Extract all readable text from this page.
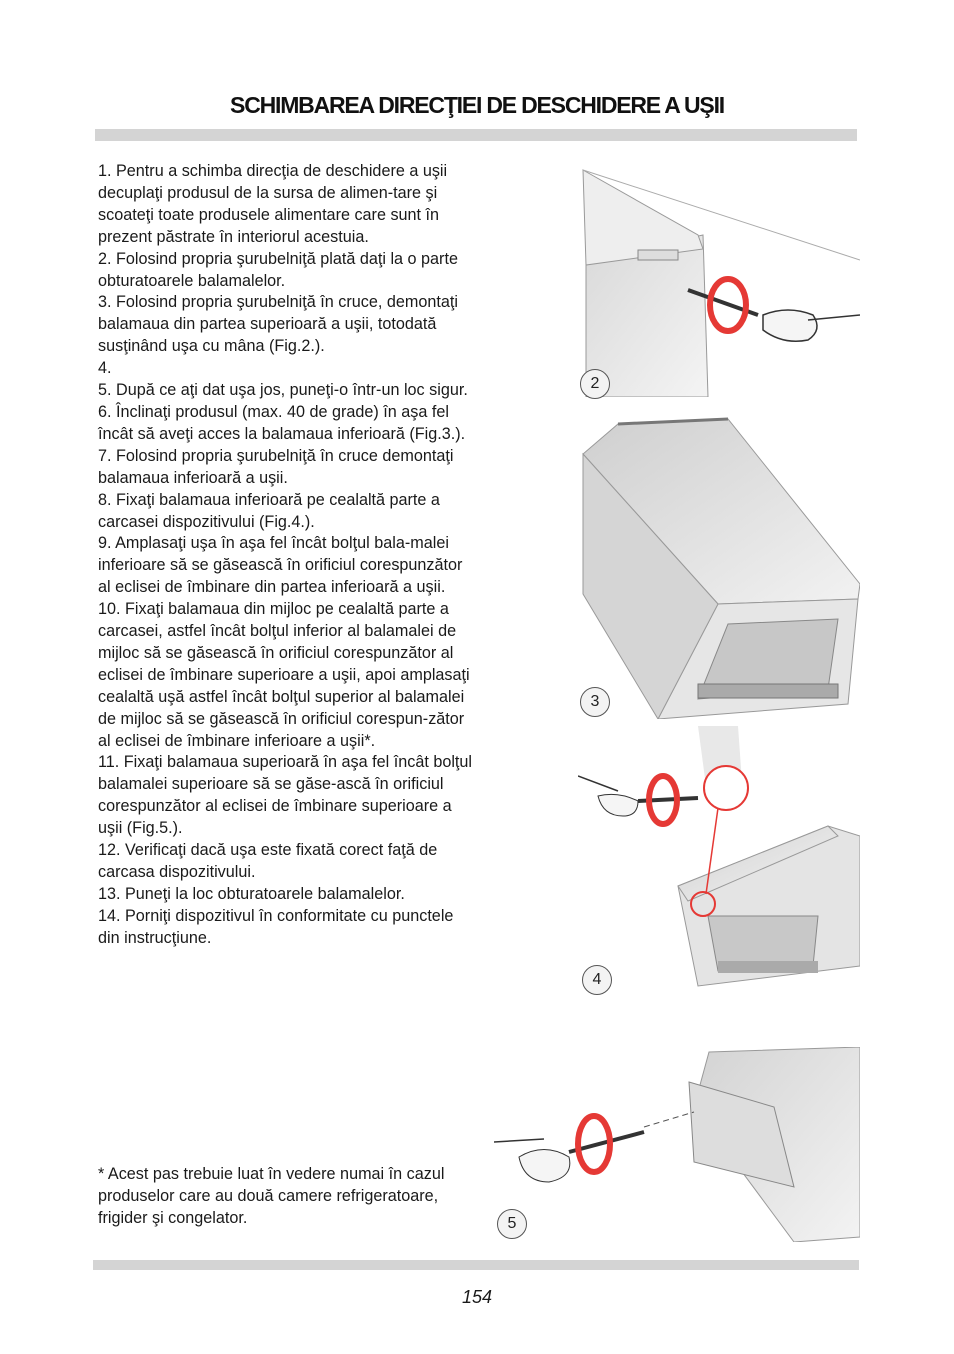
SCHIMBAREA DIRECŢIEI DE DESCHIDERE A UŞII

1. Pentru a schimba direcţia de deschidere a uşii decuplaţi produsul de la sursa de alimen-tare şi scoateţi toate produsele alimentare care sunt în prezent păstrate în interiorul acestuia.

2. Folosind propria şurubelniţă plată daţi la o parte obturatoarele balamalelor.

3. Folosind propria şurubelniţă în cruce, demontaţi balamaua din partea superioară a uşii, totodată susţinând uşa cu mâna (Fig.2.).

4.

5. După ce aţi dat uşa jos, puneţi-o într-un loc sigur.

6. Înclinaţi produsul (max. 40 de grade) în aşa fel încât să aveţi acces la balamaua inferioară (Fig.3.).

7. Folosind propria şurubelniţă în cruce demontaţi balamaua inferioară a uşii.

8. Fixaţi balamaua inferioară pe cealaltă parte a carcasei dispozitivului (Fig.4.).

9. Amplasaţi uşa în aşa fel încât bolţul bala-malei inferioare să se găsească în orificiul corespunzător al eclisei de îmbinare din partea inferioară a uşii.

10. Fixaţi balamaua din mijloc pe cealaltă parte a carcasei, astfel încât bolţul inferior al balamalei de mijloc să se găsească în orificiul corespunzător al eclisei de îmbinare superioare a uşii, apoi amplasaţi cealaltă uşă astfel încât bolţul superior al balamalei de mijloc să se găsească în orificiul corespun-zător al eclisei de îmbinare inferioare a uşii*.

11. Fixaţi balamaua superioară în aşa fel încât bolţul balamalei superioare să se găse-ască în orificiul corespunzător al eclisei de îmbinare superioare a uşii (Fig.5.).

12. Verificaţi dacă uşa este fixată corect faţă de carcasa dispozitivului.

13. Puneţi la loc obturatoarele balamalelor.

14. Porniţi dispozitivul în conformitate cu punctele din instrucţiune.

* Acest pas trebuie luat în vedere numai în cazul produselor care au două camere refrigeratoare, frigider şi congelator.
2
3
4
5
154
